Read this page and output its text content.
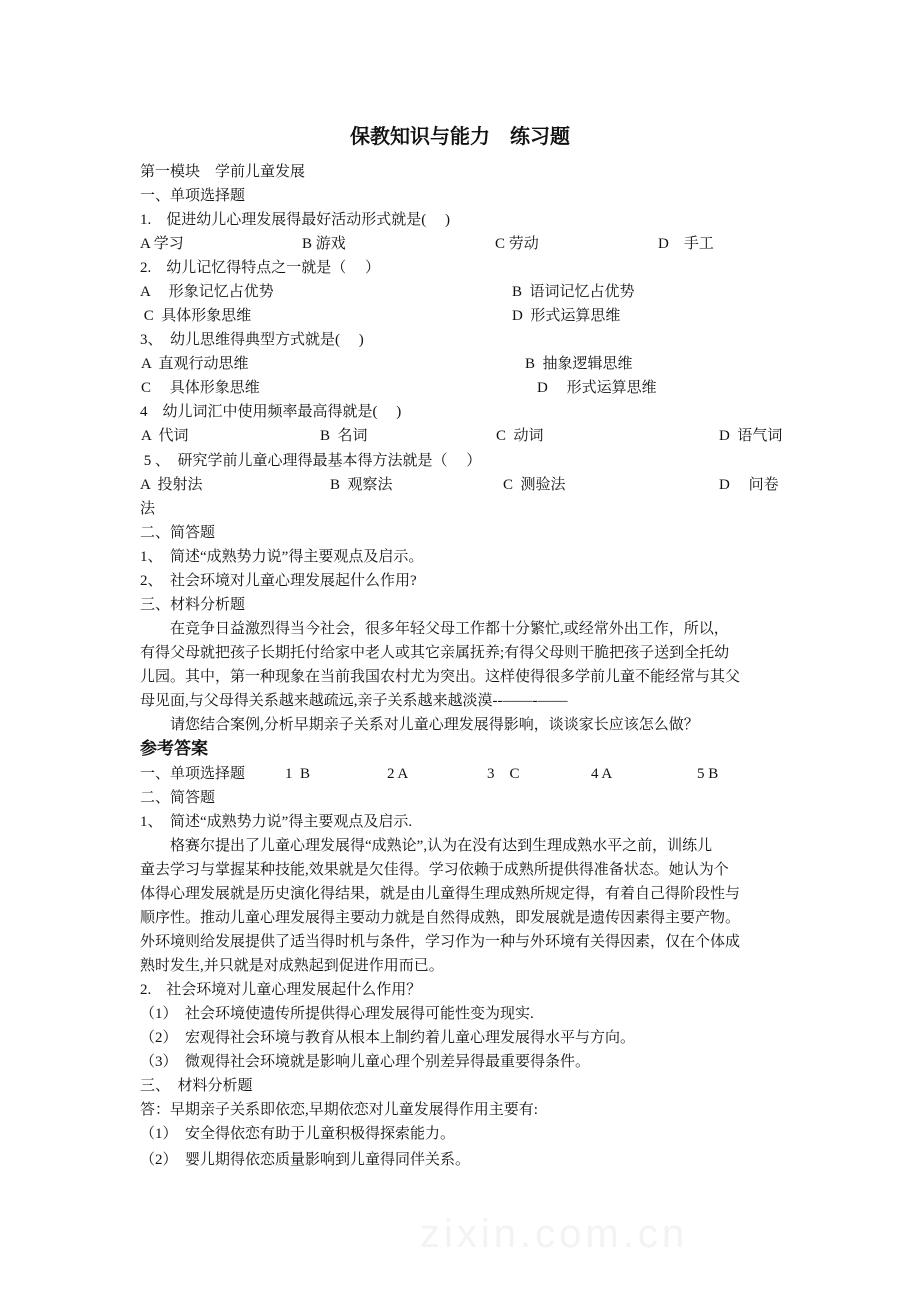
保教知识与能力　练习题
第一模块　学前儿童发展
一、单项选择题
1.　促进幼儿心理发展得最好活动形式就是(　 )

A 学习

	B 游戏

	C 劳动

	D　手工

2.　幼儿记忆得特点之一就是（　 ）

A　 形象记忆占优势

	B  语词记忆占优势

C  具体形象思维

	D  形式运算思维

3、　幼儿思维得典型方式就是(　 )

A  直观行动思维

	B  抽象逻辑思维

C 　具体形象思维

	D 　形式运算思维

4　幼儿词汇中使用频率最高得就是(　 )

A  代词

	B  名词

	C  动词

	D  语气词

5 、　研究学前儿童心理得最基本得方法就是（　 ）

A  投射法

	B  观察法

	C  测验法

	D　 问卷

法
二、简答题
1、　简述“成熟势力说”得主要观点及启示。
2、　社会环境对儿童心理发展起什么作用?
三、材料分析题
　　在竞争日益激烈得当今社会，很多年轻父母工作都十分繁忙,或经常外出工作，所以，
有得父母就把孩子长期托付给家中老人或其它亲属抚养;有得父母则干脆把孩子送到全托幼
儿园。其中，第一种现象在当前我国农村尤为突出。这样使得很多学前儿童不能经常与其父
母见面,与父母得关系越来越疏远,亲子关系越来越淡漠--——-——
　　请您结合案例,分析早期亲子关系对儿童心理发展得影响，谈谈家长应该怎么做？
参考答案

一、单项选择题

	1  B

	2 A

	3　C

	4 A

	5 B

二、简答题
1、　简述“成熟势力说”得主要观点及启示.
　　格赛尔提出了儿童心理发展得“成熟论”,认为在没有达到生理成熟水平之前，训练儿
童去学习与掌握某种技能,效果就是欠佳得。学习依赖于成熟所提供得准备状态。她认为个
体得心理发展就是历史演化得结果，就是由儿童得生理成熟所规定得，有着自己得阶段性与
顺序性。推动儿童心理发展得主要动力就是自然得成熟，即发展就是遗传因素得主要产物。
外环境则给发展提供了适当得时机与条件，学习作为一种与外环境有关得因素，仅在个体成
熟时发生,并只就是对成熟起到促进作用而已。
2.　社会环境对儿童心理发展起什么作用？
（1）　社会环境使遗传所提供得心理发展得可能性变为现实.
（2）　宏观得社会环境与教育从根本上制约着儿童心理发展得水平与方向。
（3）　微观得社会环境就是影响儿童心理个别差异得最重要得条件。
三、　材料分析题
答：早期亲子关系即依恋,早期依恋对儿童发展得作用主要有:
（1）　安全得依恋有助于儿童积极得探索能力。
（2）　婴儿期得依恋质量影响到儿童得同伴关系。
zixin.com.cn
